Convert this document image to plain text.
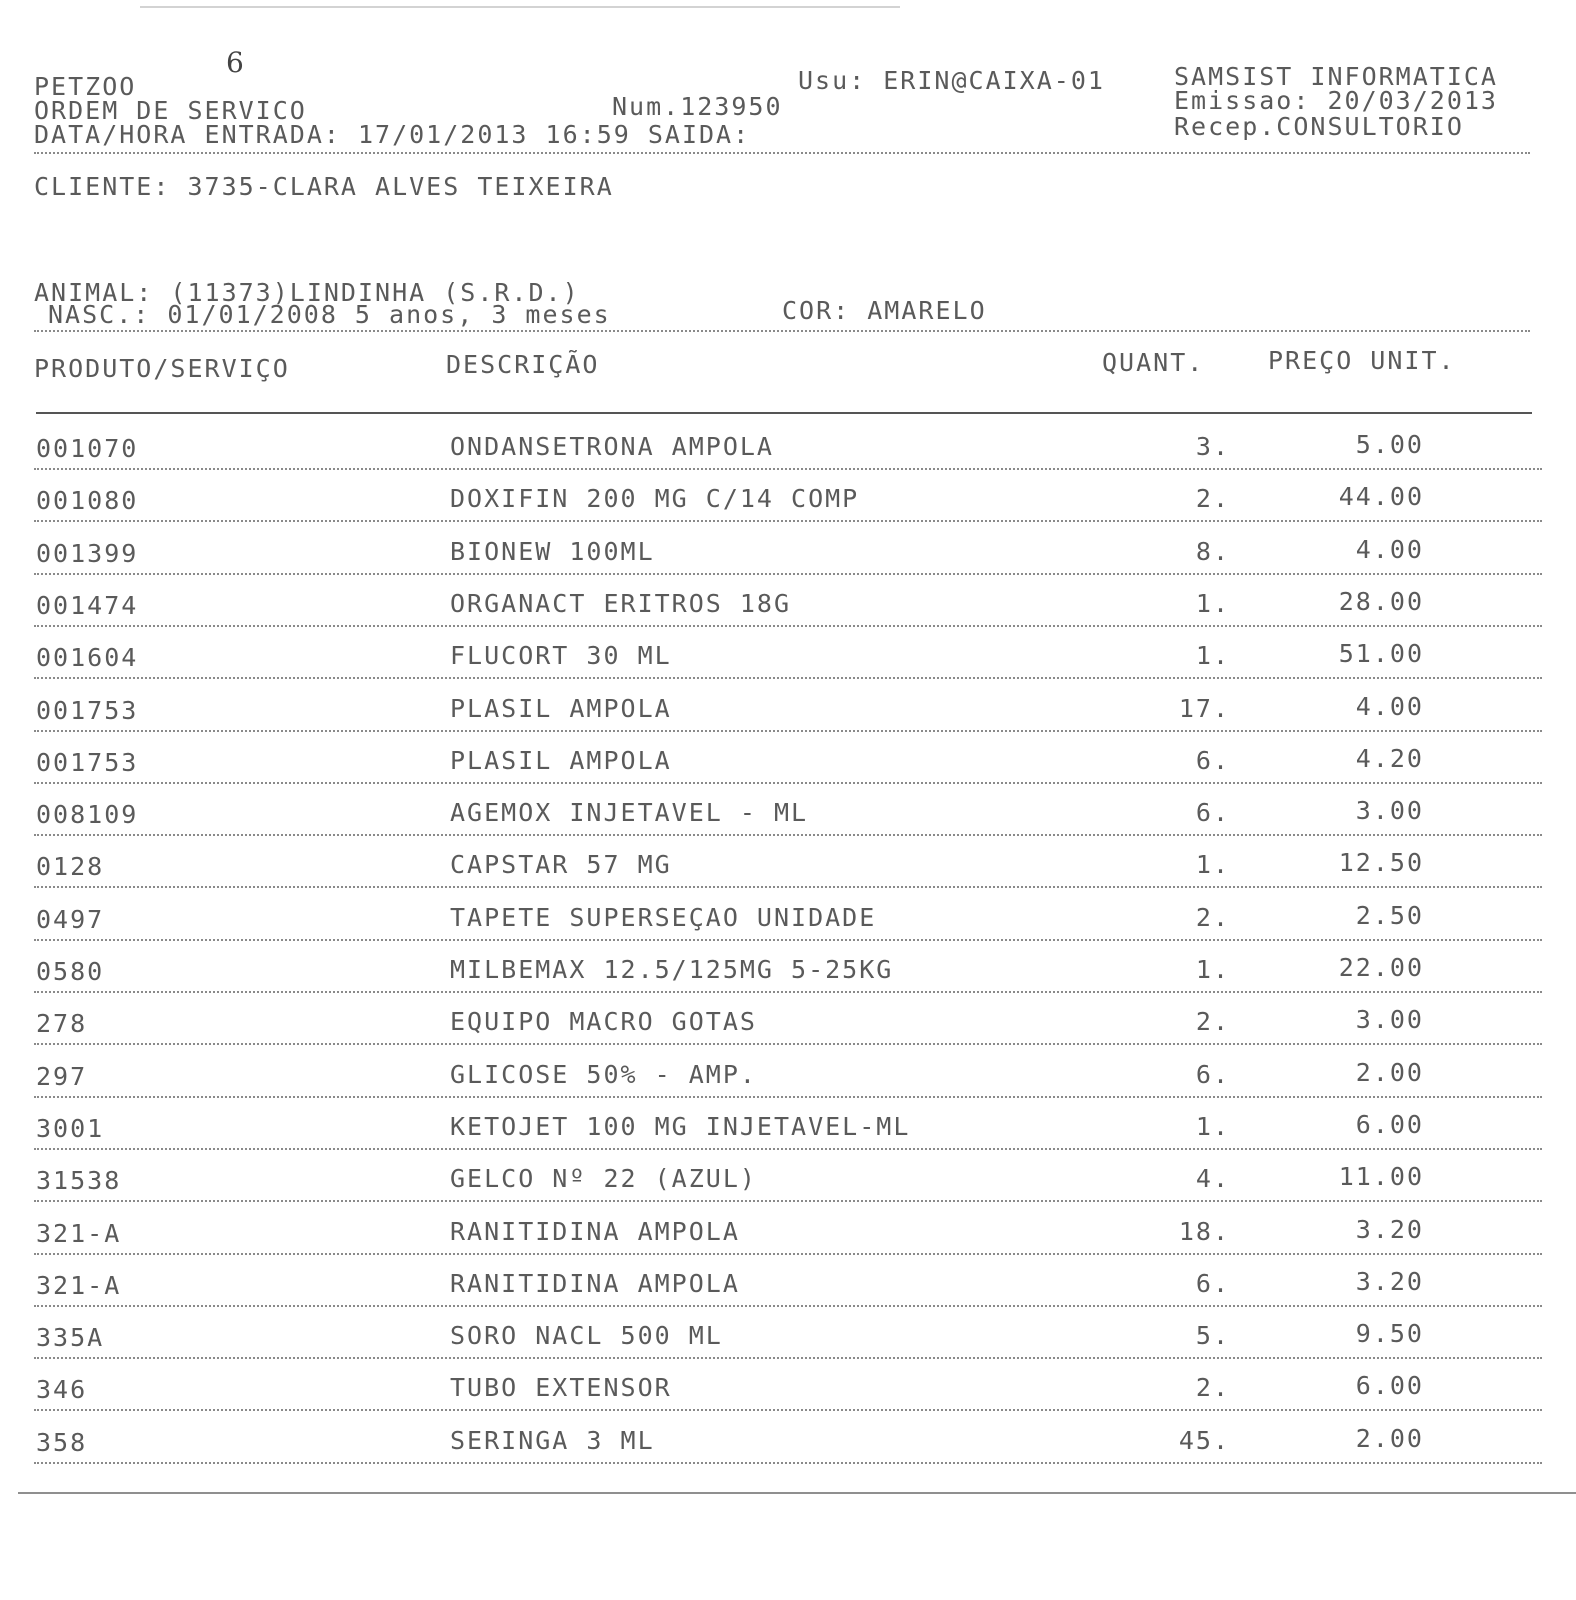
6
PETZOO
ORDEM DE SERVICO
DATA/HORA ENTRADA: 17/01/2013 16:59 SAIDA:
Num.123950
Usu: ERIN@CAIXA-01	SAMSIST INFORMATICA
Emissao: 20/03/2013
Recep.CONSULTORIO
CLIENTE: 3735-CLARA ALVES TEIXEIRA
ANIMAL: (11373)LINDINHA (S.R.D.)
NASC.: 01/01/2008 5 anos, 3 meses	COR: AMARELO
PRODUTO/SERVIÇO	DESCRIÇÃO	QUANT.	PREÇO UNIT.
001070	ONDANSETRONA AMPOLA	3.	5.00
001080	DOXIFIN 200 MG C/14 COMP	2.	44.00
001399	BIONEW 100ML	8.	4.00
001474	ORGANACT ERITROS 18G	1.	28.00
001604	FLUCORT 30 ML	1.	51.00
001753	PLASIL AMPOLA	17.	4.00
001753	PLASIL AMPOLA	6.	4.20
008109	AGEMOX INJETAVEL - ML	6.	3.00
0128	CAPSTAR 57 MG	1.	12.50
0497	TAPETE SUPERSEÇAO UNIDADE	2.	2.50
0580	MILBEMAX 12.5/125MG 5-25KG	1.	22.00
278	EQUIPO MACRO GOTAS	2.	3.00
297	GLICOSE 50% - AMP.	6.	2.00
3001	KETOJET 100 MG INJETAVEL-ML	1.	6.00
31538	GELCO Nº 22 (AZUL)	4.	11.00
321-A	RANITIDINA AMPOLA	18.	3.20
321-A	RANITIDINA AMPOLA	6.	3.20
335A	SORO NACL 500 ML	5.	9.50
346	TUBO EXTENSOR	2.	6.00
358	SERINGA 3 ML	45.	2.00
